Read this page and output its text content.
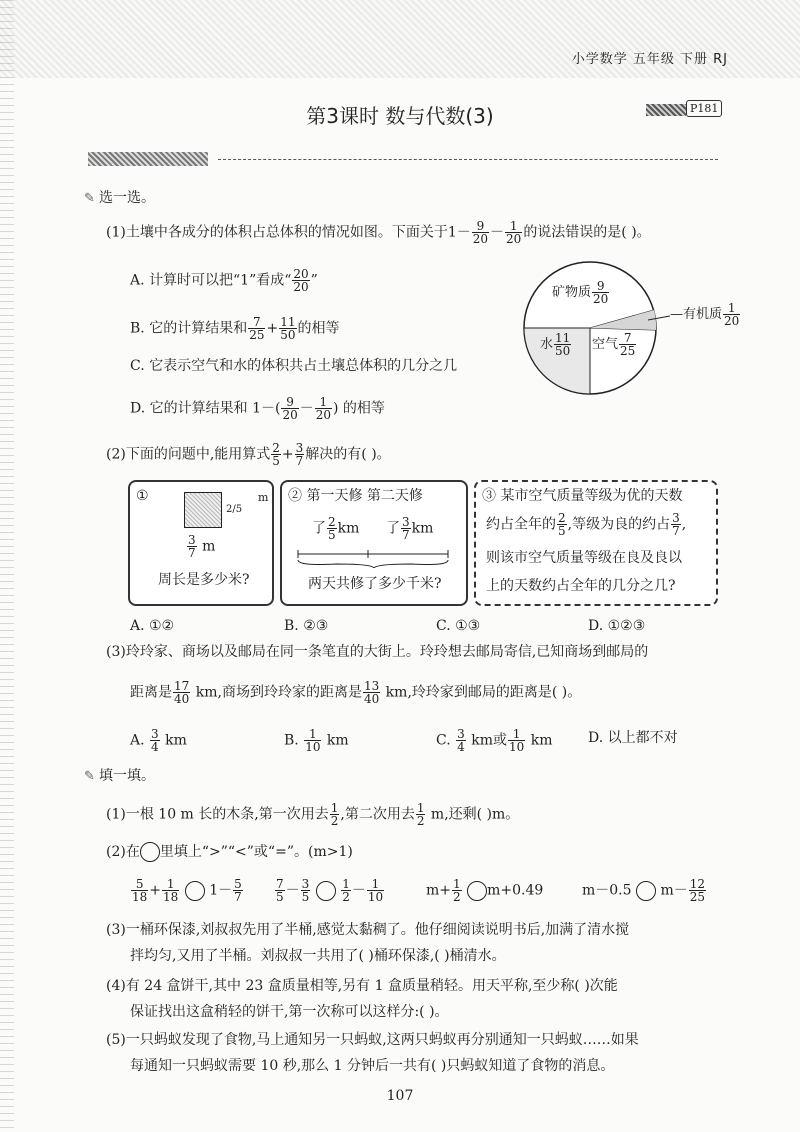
小学数学 五年级 下册 RJ
第3课时 数与代数(3)	P181
✎ 选一选。
(1)土壤中各成分的体积占总体积的情况如图。下面关于$1- \frac{9}{20} - \frac{1}{20}$ 的说法错误的是( )。
A. 计算时可以把“1”看成“ $\frac{20}{20}$ ”
B. 它的计算结果和 $\frac{7}{25} + \frac{11}{50}$ 的相等
C. 它表示空气和水的体积共占土壤总体积的几分之几
D. 它的计算结果和 $1-( \frac{9}{20} - \frac{1}{20}$ ) 的相等
矿物质 $\frac{9}{20}$
—有机质 $\frac{1}{20}$
水 $\frac{11}{50}$ 空气 $\frac{7}{25}$
(2)下面的问题中,能用算式 $\frac{2}{5} + \frac{3}{7}$ 解决的有( )。
①
2/5
m
$\frac{3}{7}$ m
周长是多少米?
② 第一天修 第二天修
了 $\frac{2}{5}$ km 了 $\frac{3}{7}$ km
两天共修了多少千米?
③ 某市空气质量等级为优的天数
约占全年的 $\frac{2}{5}$ ,等级为良的约占 $\frac{3}{7}$ ,
则该市空气质量等级在良及良以
上的天数约占全年的几分之几?
A. ①②	B. ②③	C. ①③	D. ①②③
(3)玲玲家、商场以及邮局在同一条笔直的大街上。玲玲想去邮局寄信,已知商场到邮局的
距离是 $\frac{17}{40}$ km,商场到玲玲家的距离是 $\frac{13}{40}$ km,玲玲家到邮局的距离是( )。
A. $\frac{3}{4}$ km	B. $\frac{1}{10}$ km	C. $\frac{3}{4}$ km或 $\frac{1}{10}$ km	D. 以上都不对
✎ 填一填。
(1)一根 10 m 长的木条,第一次用去 $\frac{1}{2}$ ,第二次用去 $\frac{1}{2} m$,还剩( )m。
(2)在 里填上“>”“<”或“=”。(m>1)
$\frac{5}{18} + \frac{1}{18} 1- \frac{5}{7}$	$\frac{7}{5} - \frac{3}{5}$
	$\frac{1}{2} - \frac{1}{10}$	$m+ \frac{1}{2} m+0.49$	m－0.5 $m- \frac{12}{25}$
(3)一桶环保漆,刘叔叔先用了半桶,感觉太黏稠了。他仔细阅读说明书后,加满了清水搅
拌均匀,又用了半桶。刘叔叔一共用了( )桶环保漆,( )桶清水。
(4)有 24 盒饼干,其中 23 盒质量相等,另有 1 盒质量稍轻。用天平称,至少称( )次能
保证找出这盒稍轻的饼干,第一次称可以这样分:( )。
(5)一只蚂蚁发现了食物,马上通知另一只蚂蚁,这两只蚂蚁再分别通知一只蚂蚁……如果
每通知一只蚂蚁需要 10 秒,那么 1 分钟后一共有( )只蚂蚁知道了食物的消息。
107
